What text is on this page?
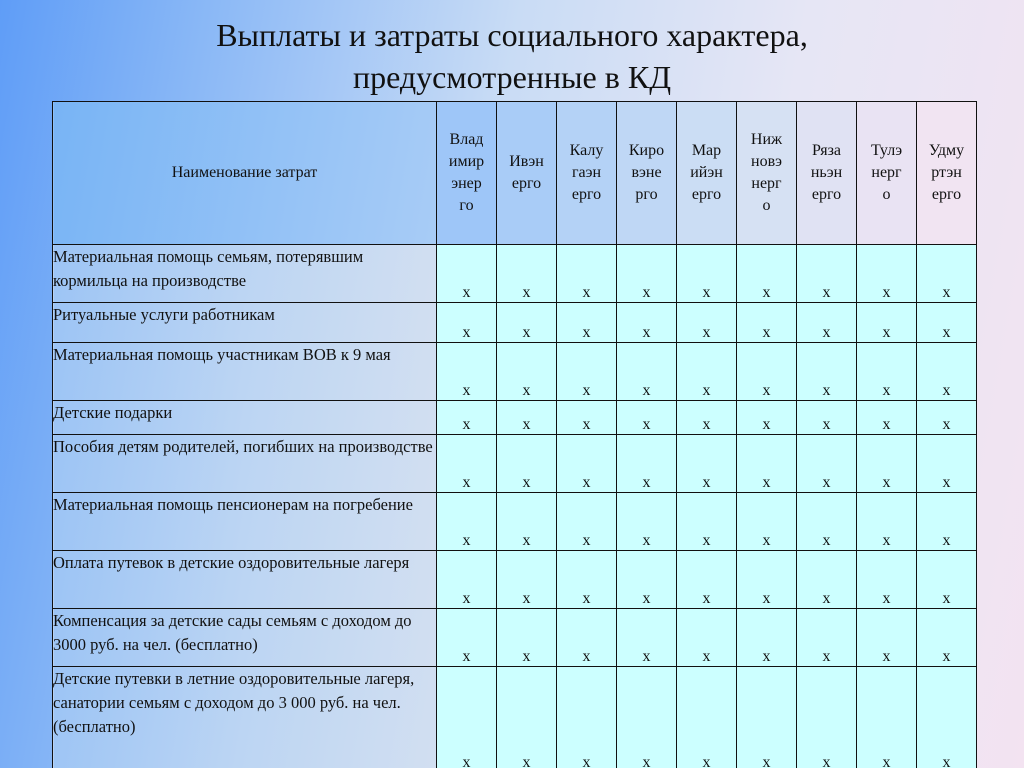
Выплаты и затраты социального характера,
предусмотренные в КД
Наименование затрат	Владимирэнерго	Ивэнерго	Калугаэнерго	Кировэнерго	Марийэнерго	Нижновэнерго	Рязаньэнерго	Тулэнерго	Удмуртэнерго

Материальная помощь семьям, потерявшим кормильца на производстве	х	х	х	х	х	х	х	х	х
Ритуальные услуги работникам	х	х	х	х	х	х	х	х	х
Материальная помощь участникам ВОВ к 9 мая	х	х	х	х	х	х	х	х	х
Детские подарки	х	х	х	х	х	х	х	х	х
Пособия детям родителей, погибших на производстве	х	х	х	х	х	х	х	х	х
Материальная помощь пенсионерам на погребение	х	х	х	х	х	х	х	х	х
Оплата путевок в детские оздоровительные лагеря	х	х	х	х	х	х	х	х	х
Компенсация за детские сады семьям с доходом до 3000 руб. на чел. (бесплатно)	х	х	х	х	х	х	х	х	х
Детские путевки в летние оздоровительные лагеря, санатории семьям с доходом до 3 000 руб. на чел. (бесплатно)	х	х	х	х	х	х	х	х	х
